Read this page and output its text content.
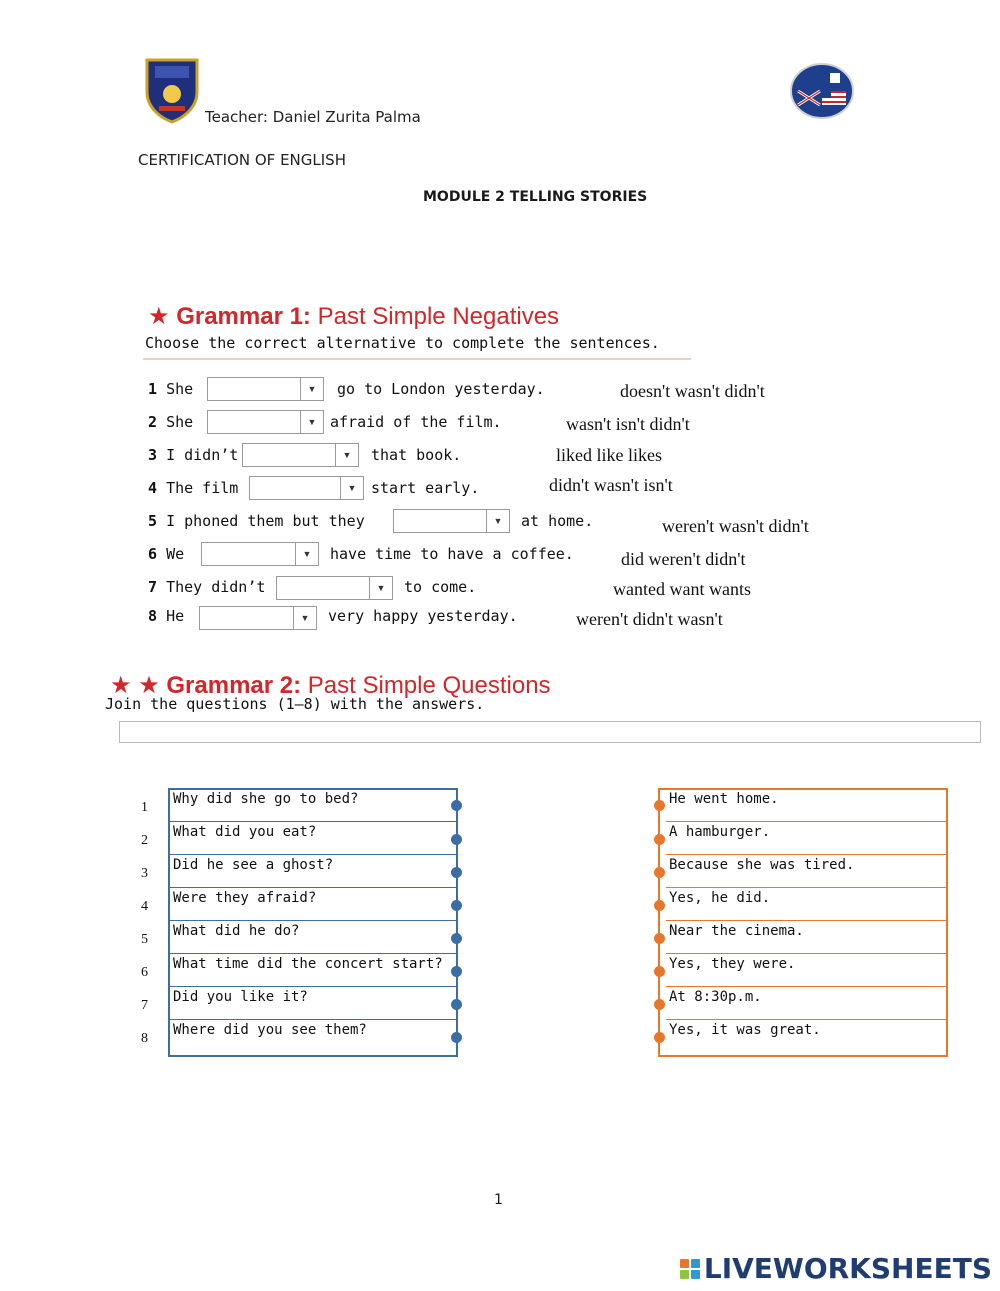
Teacher: Daniel Zurita Palma
CERTIFICATION OF ENGLISH
MODULE 2 TELLING STORIES
★ Grammar 1: Past Simple Negatives
Choose the correct alternative to complete the sentences.
1 She	▼	go to London yesterday.	doesn't wasn't didn't
2 She	▼ afraid of the film.	wasn't isn't didn't
3 I didn’t	▼	that book.	liked like likes
4 The film	▼ start early.	didn't wasn't isn't
5 I phoned them but they	▼	at home.	weren't wasn't didn't
6 We	▼	have time to have a coffee.	did weren't didn't
7 They didn’t	▼	to come.	wanted want wants
8 He	▼	very happy yesterday.	weren't didn't wasn't
★ ★ Grammar 2: Past Simple Questions
Join the questions (1–8) with the answers.
1
2
3
4
5
6
7
8
Why did she go to bed?
What did you eat?
Did he see a ghost?
Were they afraid?
What did he do?
What time did the concert start?
Did you like it?
Where did you see them?
He went home.
A hamburger.
Because she was tired.
Yes, he did.
Near the cinema.
Yes, they were.
At 8:30p.m.
Yes, it was great.
1
LIVEWORKSHEETS
